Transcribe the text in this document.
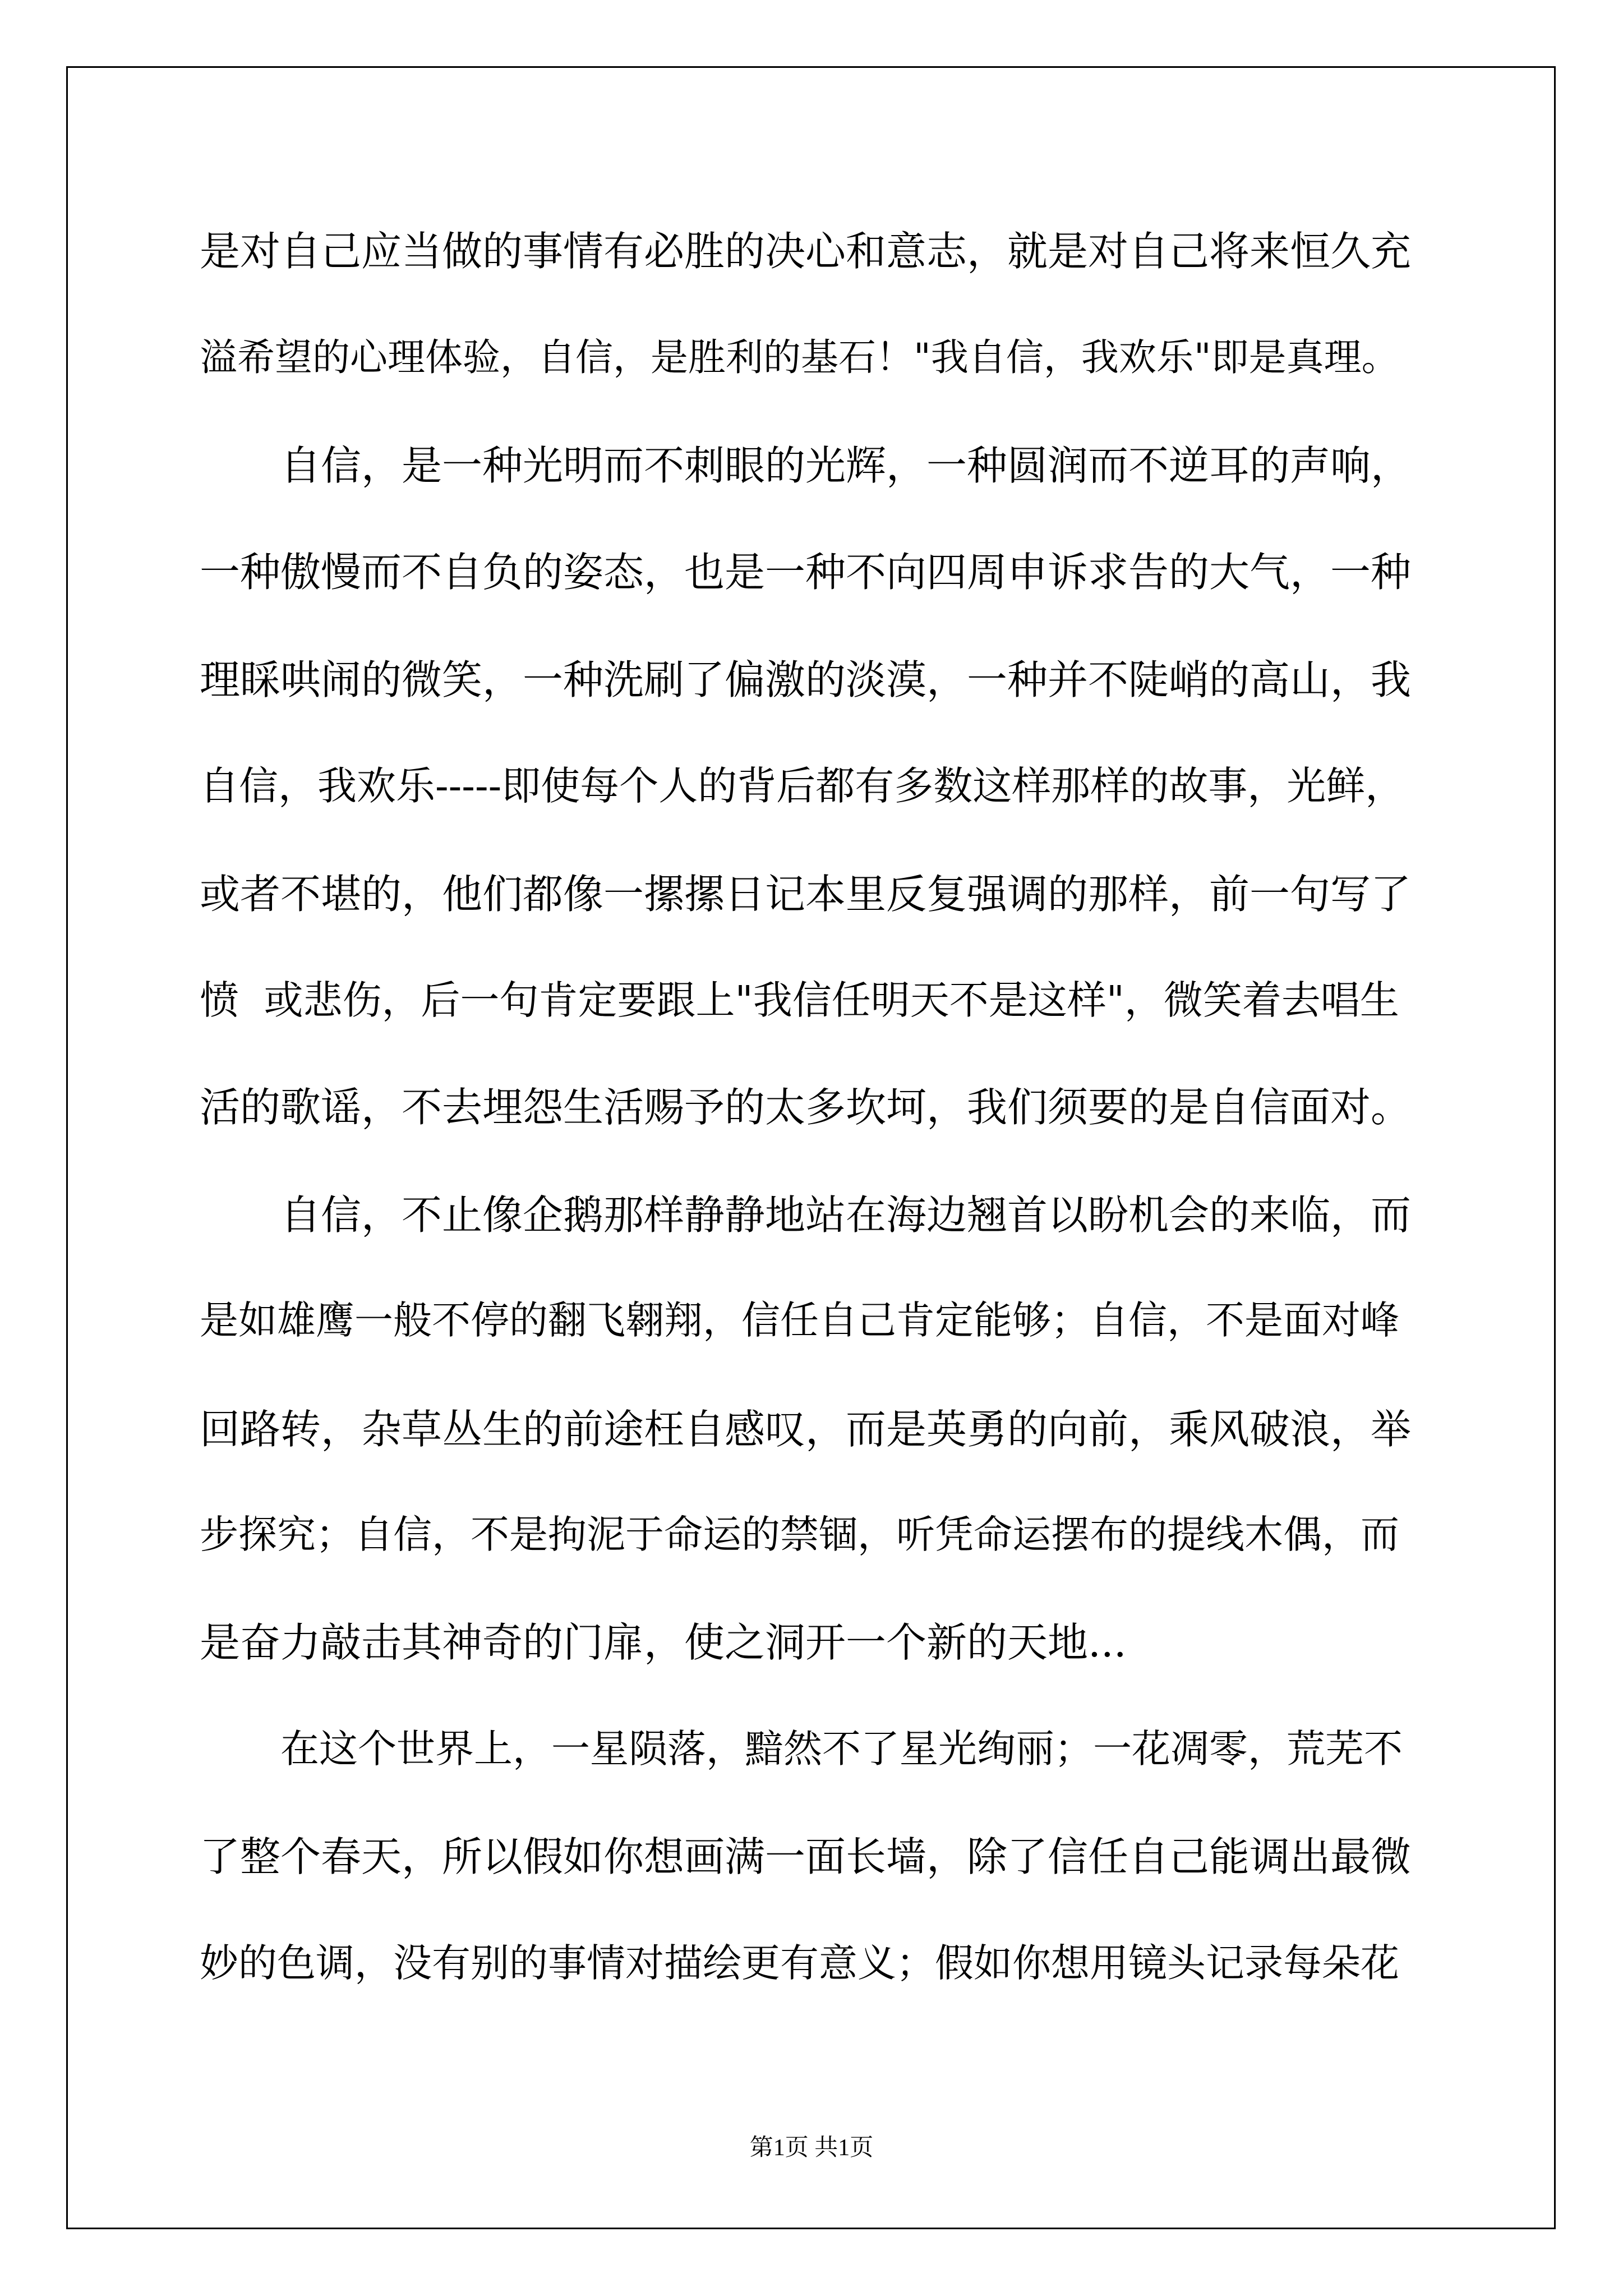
是对自己应当做的事情有必胜的决心和意志，就是对自己将来恒久充
溢希望的心理体验，自信，是胜利的基石！"我自信，我欢乐"即是真理。
自信，是一种光明而不刺眼的光辉，一种圆润而不逆耳的声响，
一种傲慢而不自负的姿态，也是一种不向四周申诉求告的大气，一种
理睬哄闹的微笑，一种洗刷了偏激的淡漠，一种并不陡峭的高山，我
自信，我欢乐-----即使每个人的背后都有多数这样那样的故事，光鲜，
或者不堪的，他们都像一摞摞日记本里反复强调的那样，前一句写了
愤  或悲伤，后一句肯定要跟上"我信任明天不是这样"，微笑着去唱生
活的歌谣，不去埋怨生活赐予的太多坎坷，我们须要的是自信面对。
自信，不止像企鹅那样静静地站在海边翘首以盼机会的来临，而
是如雄鹰一般不停的翻飞翱翔，信任自己肯定能够；自信，不是面对峰
回路转，杂草丛生的前途枉自感叹，而是英勇的向前，乘风破浪，举
步探究；自信，不是拘泥于命运的禁锢，听凭命运摆布的提线木偶，而
是奋力敲击其神奇的门扉，使之洞开一个新的天地...
在这个世界上，一星陨落，黯然不了星光绚丽；一花凋零，荒芜不
了整个春天，所以假如你想画满一面长墙，除了信任自己能调出最微
妙的色调，没有别的事情对描绘更有意义；假如你想用镜头记录每朵花
第1页 共1页
